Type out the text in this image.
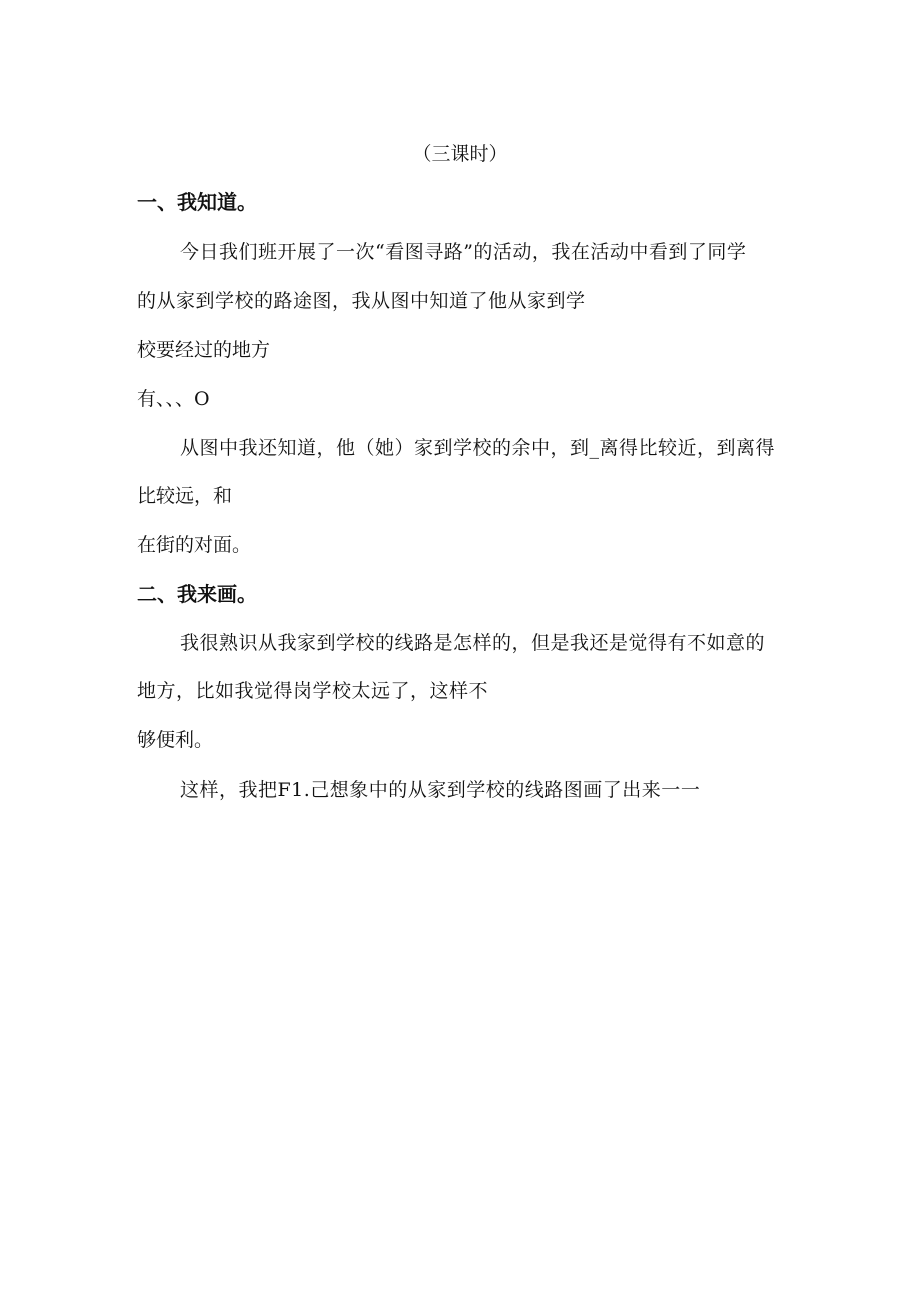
（三课时）
一、我知道。
今日我们班开展了一次“看图寻路”的活动，我在活动中看到了同学
的从家到学校的路途图，我从图中知道了他从家到学
校要经过的地方
有、、、O
从图中我还知道，他（她）家到学校的余中，到_离得比较近，到离得
比较远，和
在街的对面。
二、我来画。
我很熟识从我家到学校的线路是怎样的，但是我还是觉得有不如意的
地方，比如我觉得岗学校太远了，这样不
够便利。
这样，我把F1.己想象中的从家到学校的线路图画了出来一一
